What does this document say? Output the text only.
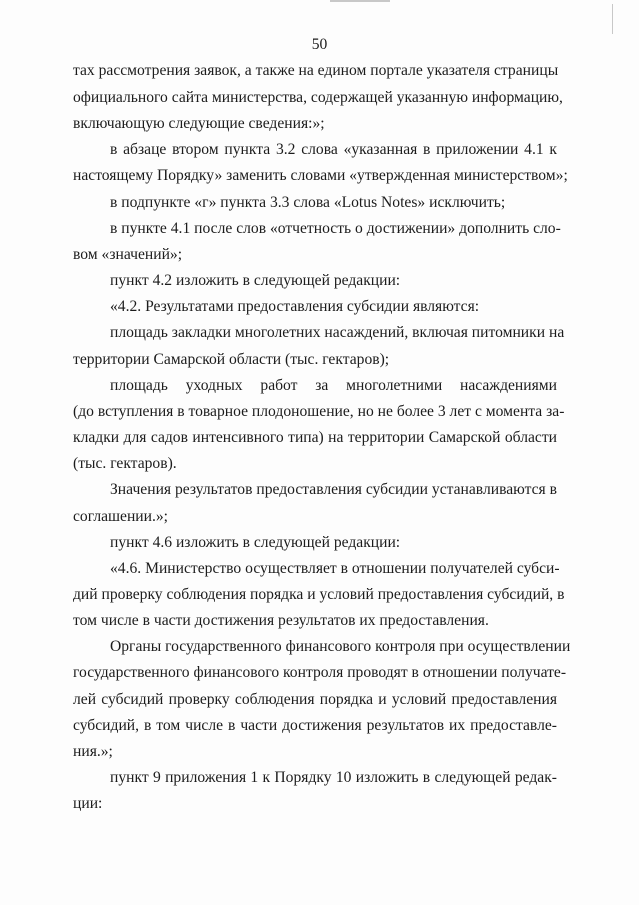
50
тах рассмотрения заявок, а также на едином портале указателя страницы
официального сайта министерства, содержащей указанную информацию,
включающую следующие сведения:»;
в абзаце втором пункта 3.2 слова «указанная в приложении 4.1 к
настоящему Порядку» заменить словами «утвержденная министерством»;
в подпункте «г» пункта 3.3 слова «Lotus Notes» исключить;
в пункте 4.1 после слов «отчетность о достижении» дополнить сло-
вом «значений»;
пункт 4.2 изложить в следующей редакции:
«4.2. Результатами предоставления субсидии являются:
площадь закладки многолетних насаждений, включая питомники на
территории Самарской области (тыс. гектаров);
площадь уходных работ за многолетними насаждениями
(до вступления в товарное плодоношение, но не более 3 лет с момента за-
кладки для садов интенсивного типа) на территории Самарской области
(тыс. гектаров).
Значения результатов предоставления субсидии устанавливаются в
соглашении.»;
пункт 4.6 изложить в следующей редакции:
«4.6. Министерство осуществляет в отношении получателей субси-
дий проверку соблюдения порядка и условий предоставления субсидий, в
том числе в части достижения результатов их предоставления.
Органы государственного финансового контроля при осуществлении
государственного финансового контроля проводят в отношении получате-
лей субсидий проверку соблюдения порядка и условий предоставления
субсидий, в том числе в части достижения результатов их предоставле-
ния.»;
пункт 9 приложения 1 к Порядку 10 изложить в следующей редак-
ции:
